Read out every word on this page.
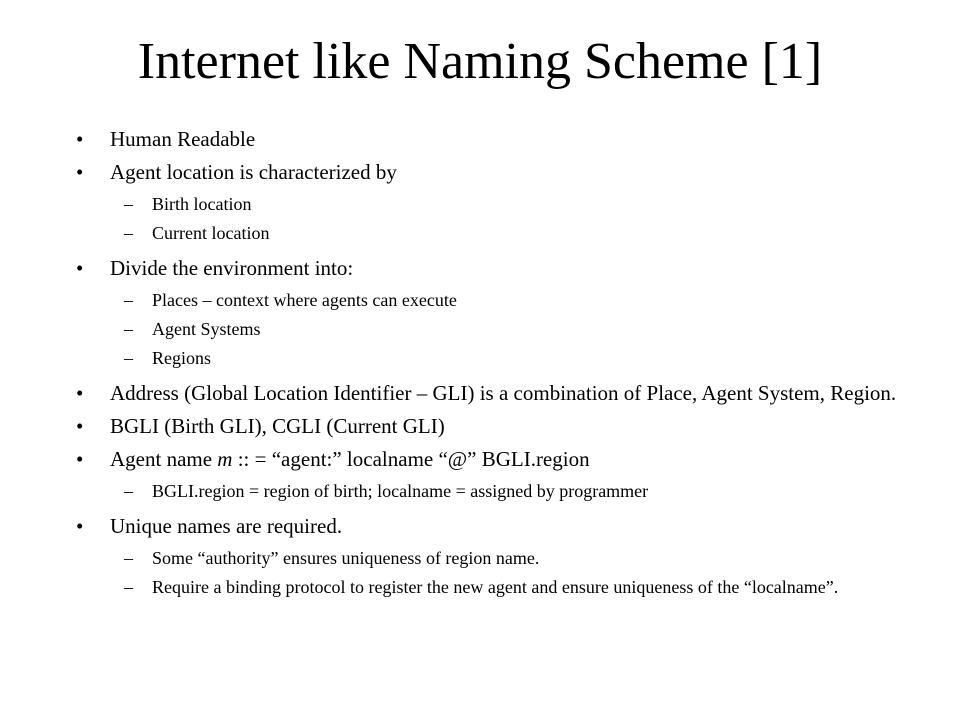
Internet like Naming Scheme [1]
• Human Readable
• Agent location is characterized by
– Birth location
– Current location
• Divide the environment into:
– Places – context where agents can execute
– Agent Systems
– Regions
• Address (Global Location Identifier – GLI) is a combination of Place, Agent System, Region.
• BGLI (Birth GLI), CGLI (Current GLI)
• Agent name m :: = “agent:” localname “@” BGLI.region
– BGLI.region = region of birth; localname = assigned by programmer
• Unique names are required.
– Some “authority” ensures uniqueness of region name.
– Require a binding protocol to register the new agent and ensure uniqueness of the “localname”.
